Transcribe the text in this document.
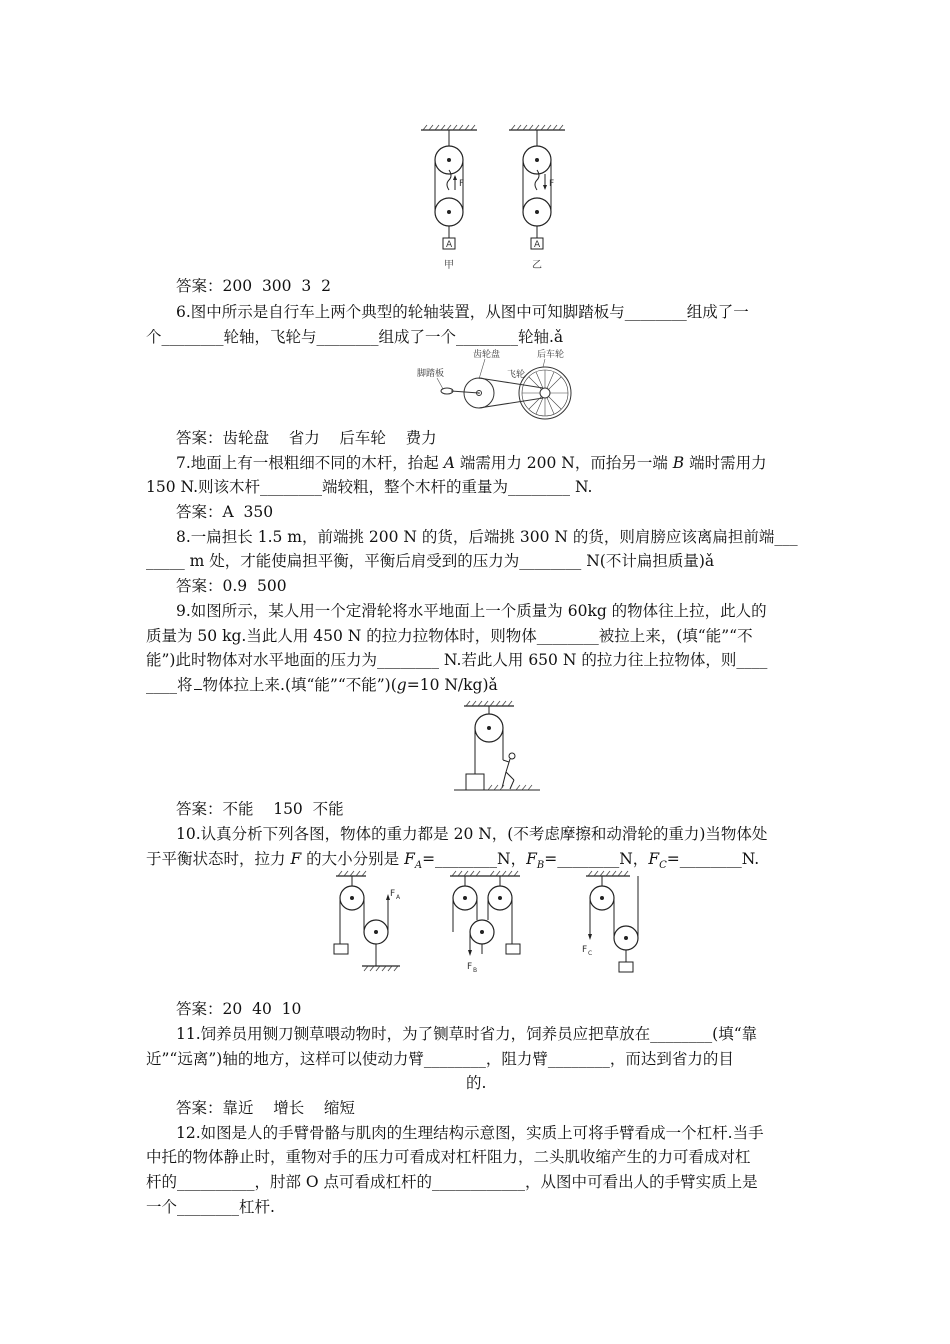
F
A
甲
F
A
乙
答案：200  300  3  2
6.图中所示是自行车上两个典型的轮轴装置，从图中可知脚踏板与________组成了一
个________轮轴，飞轮与________组成了一个________轮轴.ǎ
齿轮盘	后车轮
脚踏板	飞轮
答案：齿轮盘    省力    后车轮    费力
7.地面上有一根粗细不同的木杆，抬起 A 端需用力 200 N，而抬另一端 B 端时需用力
150 N.则该木杆________端较粗，整个木杆的重量为________ N.
答案：A  350
8.一扁担长 1.5 m，前端挑 200 N 的货，后端挑 300 N 的货，则肩膀应该离扁担前端___
_____ m 处，才能使扁担平衡，平衡后肩受到的压力为________ N(不计扁担质量)ǎ
答案：0.9  500
9.如图所示，某人用一个定滑轮将水平地面上一个质量为 60kg 的物体往上拉，此人的
质量为 50 kg.当此人用 450 N 的拉力拉物体时，则物体________被拉上来，(填“能”“不
能”)此时物体对水平地面的压力为________ N.若此人用 650 N 的拉力往上拉物体，则____
____将 物体拉上来.(填“能”“不能”)(g=10 N/kg)ǎ
答案：不能    150  不能
10.认真分析下列各图，物体的重力都是 20 N，(不考虑摩擦和动滑轮的重力)当物体处
于平衡状态时，拉力 F 的大小分别是 $F_A=\_\_\_\_\_\_\_\_N$，$F_B=\_\_\_\_\_\_\_\_N$，$F_C=\_\_\_\_\_\_\_\_N$.
F A
F B
F C
答案：20  40  10
11.饲养员用铡刀铡草喂动物时，为了铡草时省力，饲养员应把草放在________(填“靠
近”“远离”)轴的地方，这样可以使动力臂________，阻力臂________，而达到省力的目
的.
答案：靠近    增长    缩短
12.如图是人的手臂骨骼与肌肉的生理结构示意图，实质上可将手臂看成一个杠杆.当手
中托的物体静止时，重物对手的压力可看成对杠杆阻力，二头肌收缩产生的力可看成对杠
杆的__________，肘部 O 点可看成杠杆的____________，从图中可看出人的手臂实质上是
一个________杠杆.
